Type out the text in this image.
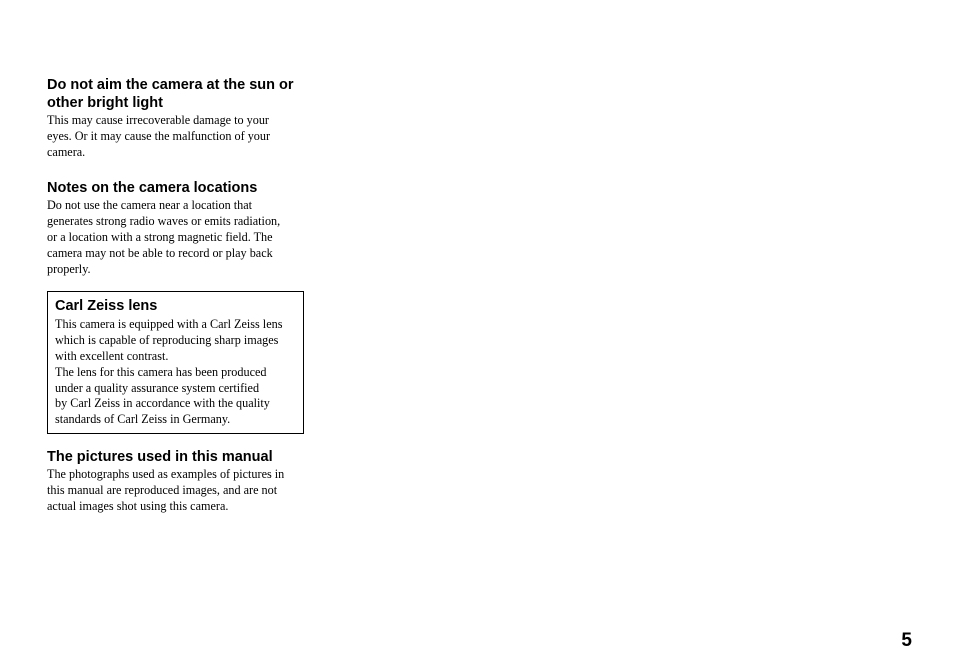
Do not aim the camera at the sun or
other bright light

This may cause irrecoverable damage to your
eyes. Or it may cause the malfunction of your
camera.

Notes on the camera locations

Do not use the camera near a location that
generates strong radio waves or emits radiation,
or a location with a strong magnetic field. The
camera may not be able to record or play back
properly.

Carl Zeiss lens

This camera is equipped with a Carl Zeiss lens
which is capable of reproducing sharp images
with excellent contrast.
The lens for this camera has been produced
under a quality assurance system certified
by Carl Zeiss in accordance with the quality
standards of Carl Zeiss in Germany.

The pictures used in this manual

The photographs used as examples of pictures in
this manual are reproduced images, and are not
actual images shot using this camera.

5
